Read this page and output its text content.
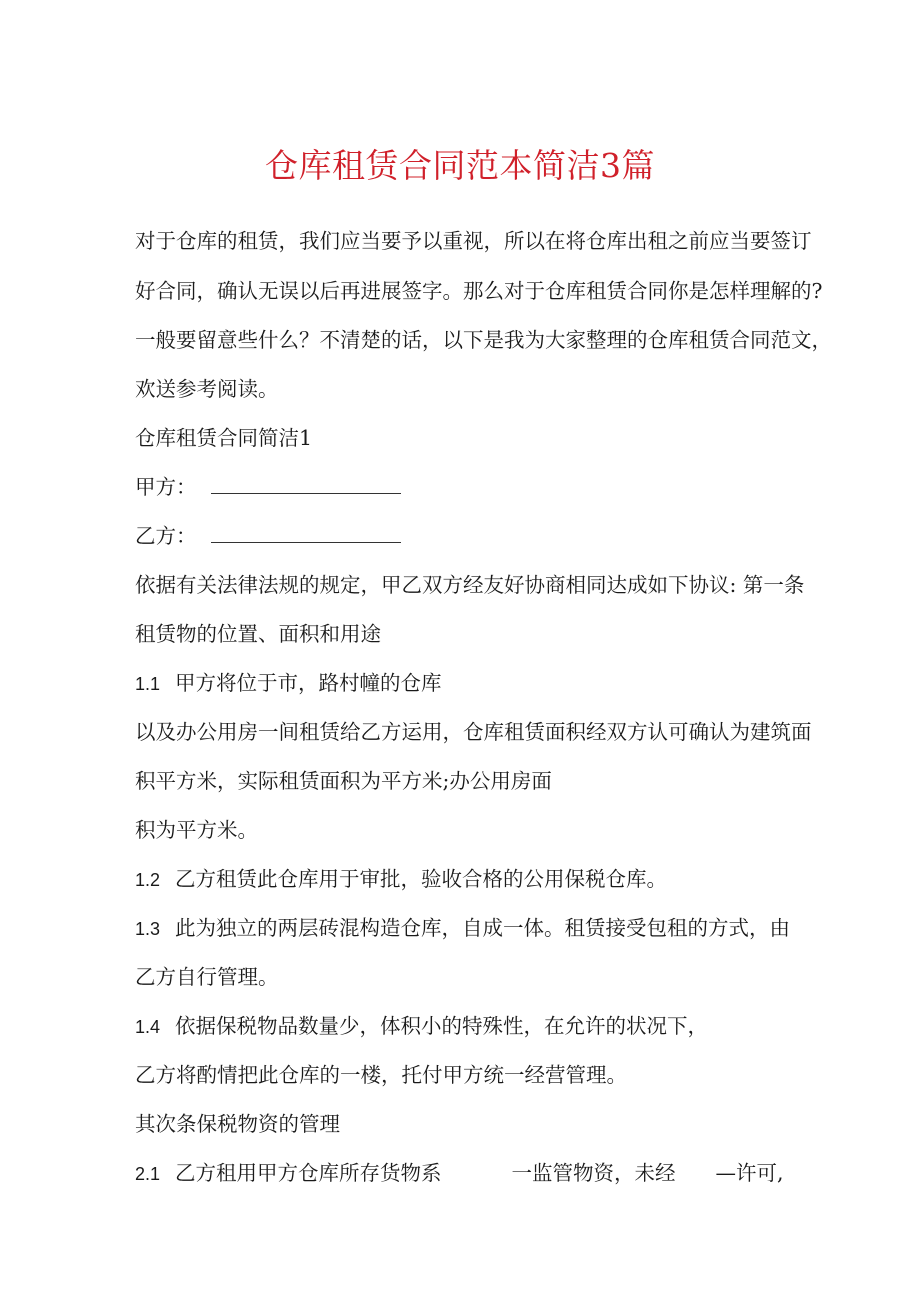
仓库租赁合同范本简洁3篇

对于仓库的租赁，我们应当要予以重视，所以在将仓库出租之前应当要签订

好合同，确认无误以后再进展签字。那么对于仓库租赁合同你是怎样理解的?

一般要留意些什么？不清楚的话，以下是我为大家整理的仓库租赁合同范文，

欢送参考阅读。

仓库租赁合同简洁1

甲方：

乙方：

依据有关法律法规的规定，甲乙双方经友好协商相同达成如下协议: 第一条

租赁物的位置、面积和用途

1.1 甲方将位于市，路村幢的仓库

以及办公用房一间租赁给乙方运用，仓库租赁面积经双方认可确认为建筑面

积平方米，实际租赁面积为平方米;办公用房面

积为平方米。

1.2 乙方租赁此仓库用于审批，验收合格的公用保税仓库。

1.3 此为独立的两层砖混构造仓库，自成一体。租赁接受包租的方式，由

乙方自行管理。

1.4 依据保税物品数量少，体积小的特殊性，在允许的状况下，

乙方将酌情把此仓库的一楼，托付甲方统一经营管理。

其次条保税物资的管理

2.1 乙方租用甲方仓库所存货物系	一监管物资，未经 —许可,
